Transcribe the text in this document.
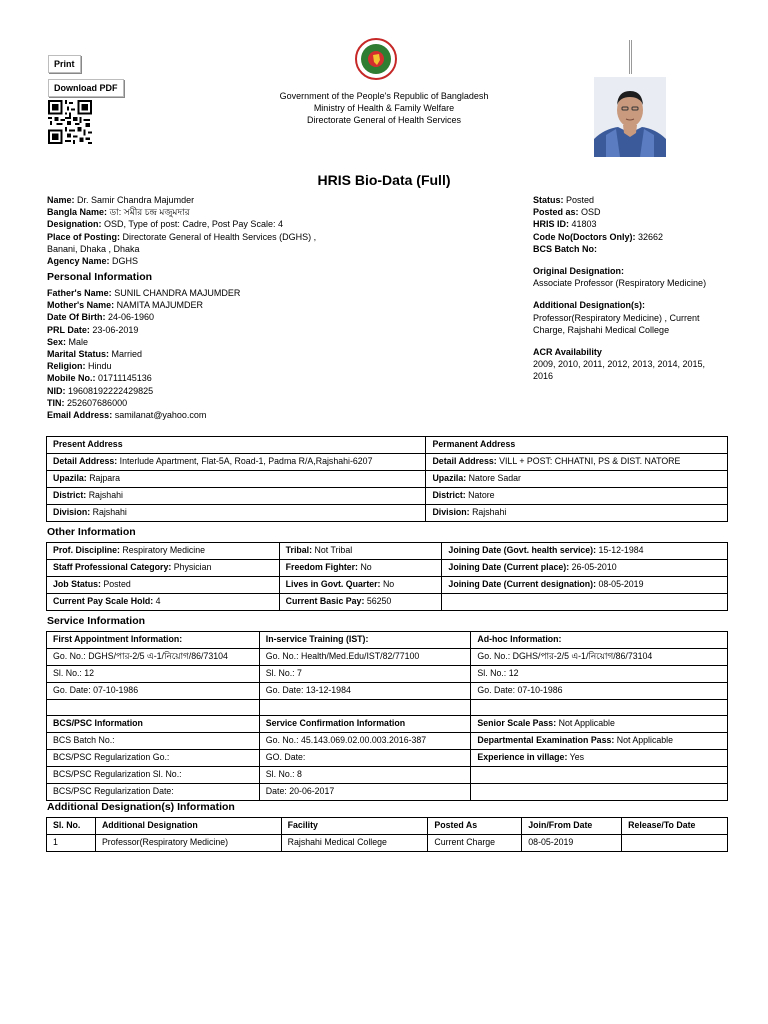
Print
Download PDF
Government of the People's Republic of Bangladesh
Ministry of Health & Family Welfare
Directorate General of Health Services
HRIS Bio-Data (Full)
Name: Dr. Samir Chandra Majumder
Bangla Name: ডা: সমীর চন্দ্র মজুমদার
Designation: OSD, Type of post: Cadre, Post Pay Scale: 4
Place of Posting: Directorate General of Health Services (DGHS) ,
Banani, Dhaka , Dhaka
Agency Name: DGHS
Status: Posted
Posted as: OSD
HRIS ID: 41803
Code No(Doctors Only): 32662
BCS Batch No:
Original Designation:
Associate Professor (Respiratory Medicine)
Additional Designation(s):
Professor(Respiratory Medicine) , Current
Charge, Rajshahi Medical College
ACR Availability
2009, 2010, 2011, 2012, 2013, 2014, 2015,
2016
Personal Information
Father's Name: SUNIL CHANDRA MAJUMDER
Mother's Name: NAMITA MAJUMDER
Date Of Birth: 24-06-1960
PRL Date: 23-06-2019
Sex: Male
Marital Status: Married
Religion: Hindu
Mobile No.: 01711145136
NID: 19608192222429825
TIN: 252607686000
Email Address: samilanat@yahoo.com
Present Address	Permanent Address
Detail Address: Interlude Apartment, Flat-5A, Road-1, Padma R/A,Rajshahi-6207	Detail Address: VILL + POST: CHHATNI, PS & DIST. NATORE
Upazila: Rajpara	Upazila: Natore Sadar
District: Rajshahi	District: Natore
Division: Rajshahi	Division: Rajshahi
Other Information
Prof. Discipline: Respiratory Medicine	Tribal: Not Tribal	Joining Date (Govt. health service): 15-12-1984
Staff Professional Category: Physician	Freedom Fighter: No	Joining Date (Current place): 26-05-2010
Job Status: Posted	Lives in Govt. Quarter: No	Joining Date (Current designation): 08-05-2019
Current Pay Scale Hold: 4	Current Basic Pay: 56250	
Service Information
First Appointment Information:	In-service Training (IST):	Ad-hoc Information:
Go. No.: DGHS/পার-2/5 এ-1/নিয়োগ/86/73104	Go. No.: Health/Med.Edu/IST/82/77100	Go. No.: DGHS/পার-2/5 এ-1/নিয়োগ/86/73104
Sl. No.: 12	Sl. No.: 7	Sl. No.: 12
Go. Date: 07-10-1986	Go. Date: 13-12-1984	Go. Date: 07-10-1986

BCS/PSC Information	Service Confirmation Information	Senior Scale Pass: Not Applicable
BCS Batch No.:	Go. No.: 45.143.069.02.00.003.2016-387	Departmental Examination Pass: Not Applicable
BCS/PSC Regularization Go.:	GO. Date:	Experience in village: Yes
BCS/PSC Regularization Sl. No.:	Sl. No.: 8	
BCS/PSC Regularization Date:	Date: 20-06-2017	
Additional Designation(s) Information
Sl. No.	Additional Designation	Facility	Posted As	Join/From Date	Release/To Date
1	Professor(Respiratory Medicine)	Rajshahi Medical College	Current Charge	08-05-2019	
